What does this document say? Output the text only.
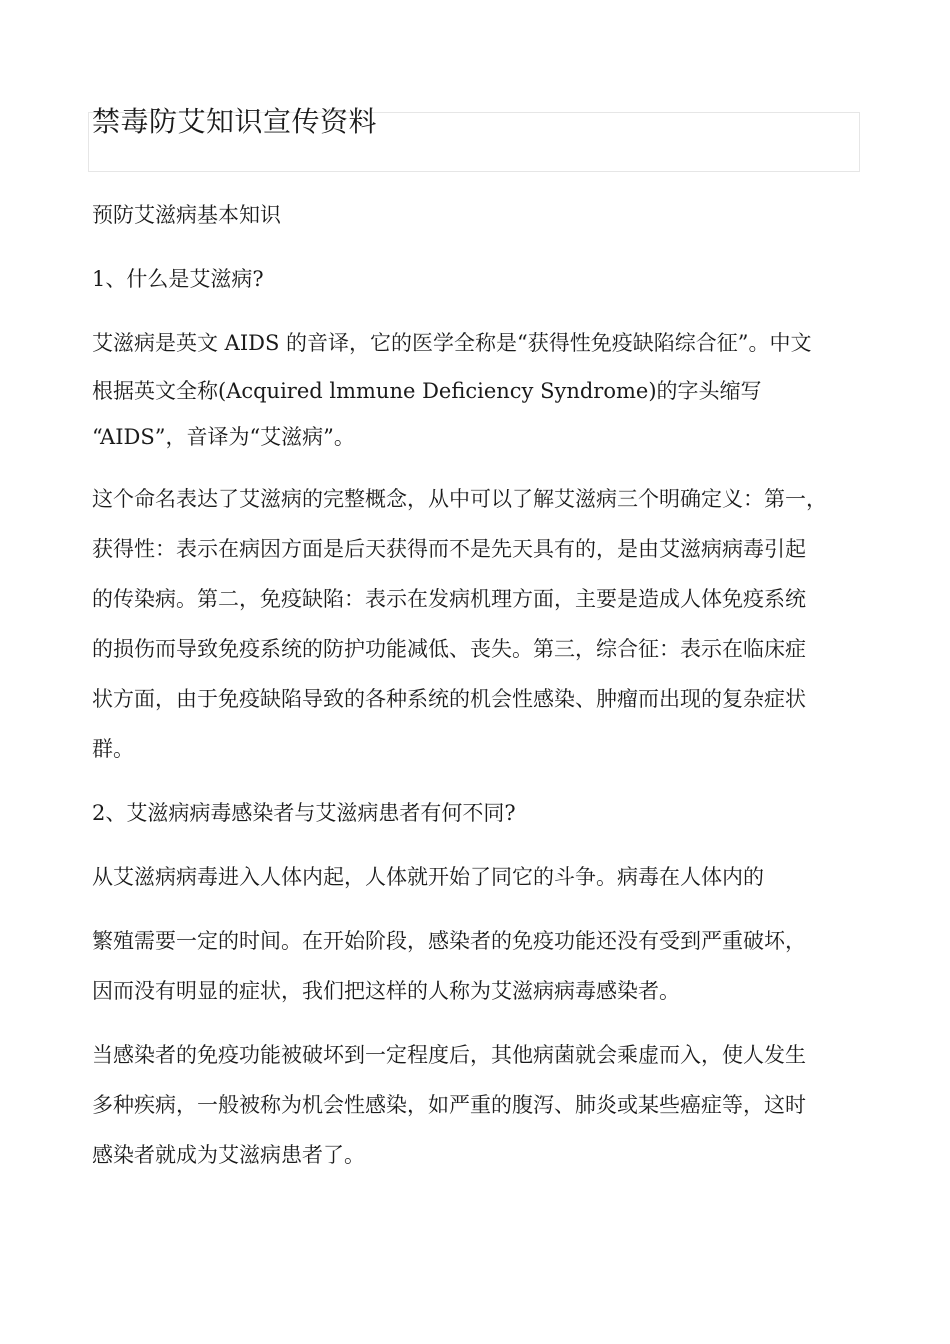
禁毒防艾知识宣传资料

预防艾滋病基本知识

1、什么是艾滋病?

艾滋病是英文 AIDS 的音译，它的医学全称是“获得性免疫缺陷综合征”。中文

根据英文全称(Acquired lmmune Deficiency Syndrome)的字头缩写

“AIDS”，音译为“艾滋病”。

这个命名表达了艾滋病的完整概念，从中可以了解艾滋病三个明确定义：第一，

获得性：表示在病因方面是后天获得而不是先天具有的，是由艾滋病病毒引起

的传染病。第二，免疫缺陷：表示在发病机理方面，主要是造成人体免疫系统

的损伤而导致免疫系统的防护功能减低、丧失。第三，综合征：表示在临床症

状方面，由于免疫缺陷导致的各种系统的机会性感染、肿瘤而出现的复杂症状

群。

2、艾滋病病毒感染者与艾滋病患者有何不同?

从艾滋病病毒进入人体内起，人体就开始了同它的斗争。病毒在人体内的

繁殖需要一定的时间。在开始阶段，感染者的免疫功能还没有受到严重破坏，

因而没有明显的症状，我们把这样的人称为艾滋病病毒感染者。

当感染者的免疫功能被破坏到一定程度后，其他病菌就会乘虚而入，使人发生

多种疾病，一般被称为机会性感染，如严重的腹泻、肺炎或某些癌症等，这时

感染者就成为艾滋病患者了。
